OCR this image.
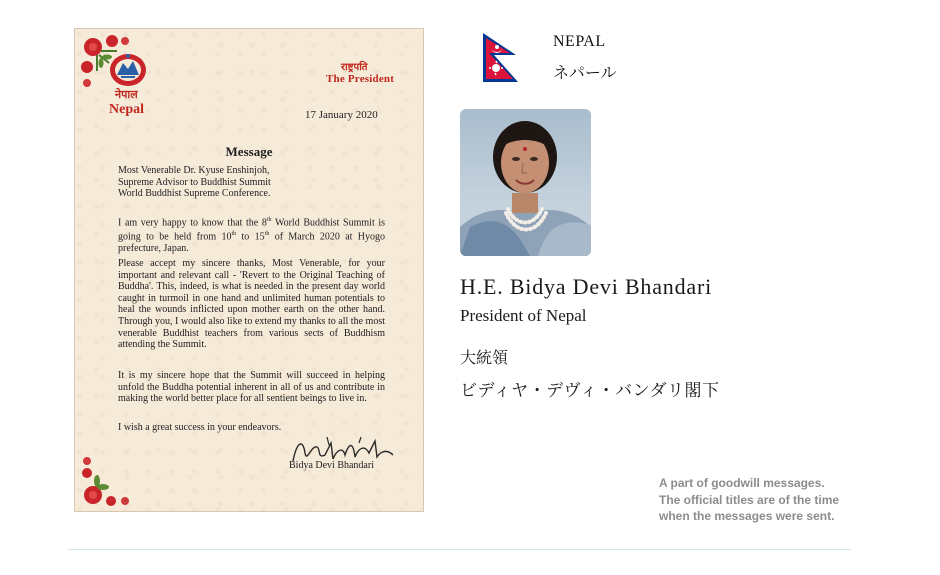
नेपाल
Nepal
राष्ट्रपति
The President
17 January 2020
Message
Most Venerable Dr. Kyuse Enshinjoh,
Supreme Advisor to Buddhist Summit
World Buddhist Supreme Conference.
I am very happy to know that the 8th World Buddhist Summit is going to be held from 10th to 15th of March 2020 at Hyogo prefecture, Japan.
Please accept my sincere thanks, Most Venerable, for your important and relevant call - 'Revert to the Original Teaching of Buddha'. This, indeed, is what is needed in the present day world caught in turmoil in one hand and unlimited human potentials to heal the wounds inflicted upon mother earth on the other hand. Through you, I would also like to extend my thanks to all the most venerable Buddhist teachers from various sects of Buddhism attending the Summit.
It is my sincere hope that the Summit will succeed in helping unfold the Buddha potential inherent in all of us and contribute in making the world better place for all sentient beings to live in.
I wish a great success in your endeavors.
Bidya Devi Bhandari
NEPAL
ネパール
H.E. Bidya Devi Bhandari
President of Nepal
大統領
ビディヤ・デヴィ・バンダリ閣下
A part of goodwill messages.
The official titles are of the time
when the messages were sent.
